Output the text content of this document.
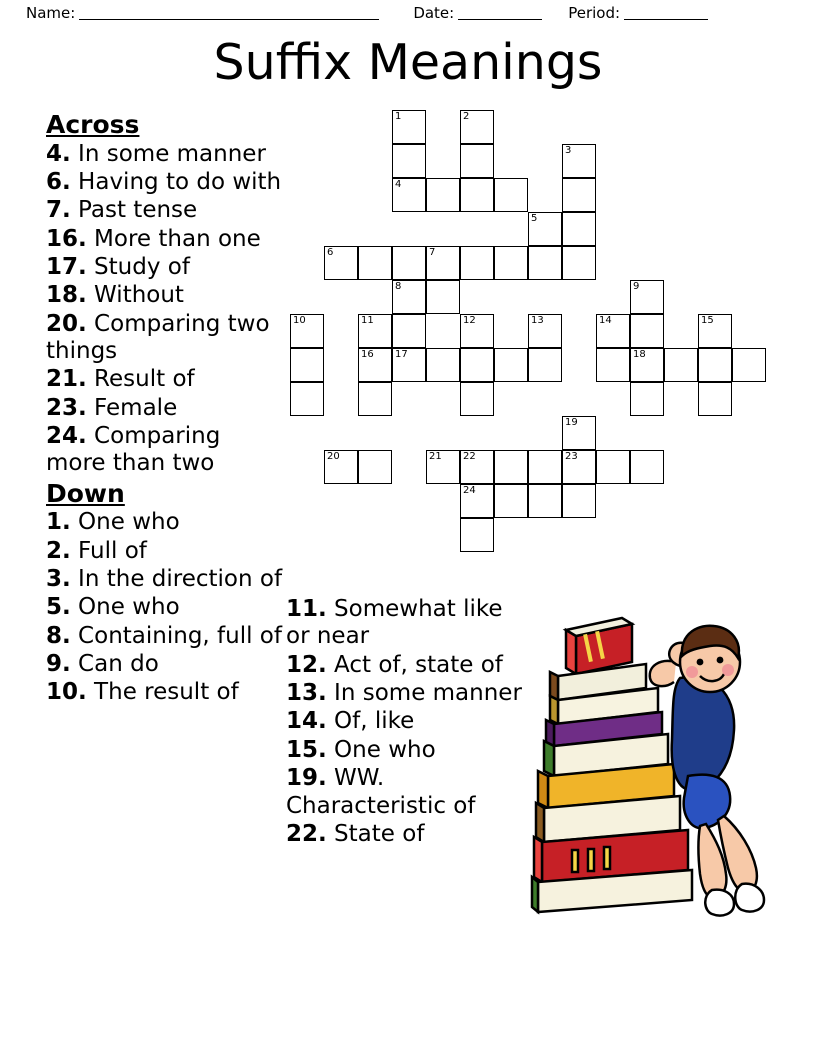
Name:	Date:	Period:
Suffix Meanings
Across
4. In some manner
6. Having to do with
7. Past tense
16. More than one
17. Study of
18. Without
20. Comparing two things
21. Result of
23. Female
24. Comparing more than two
Down
1. One who
2. Full of
3. In the direction of
5. One who
8. Containing, full of
9. Can do
10. The result of
11. Somewhat like or near
12. Act of, state of
13. In some manner
14. Of, like
15. One who
19. WW. Characteristic of
22. State of
1	2
3
4
5
6	7
8	9
10	11	12	13	14	15
16 17	18
19
20	21 22	23
24
